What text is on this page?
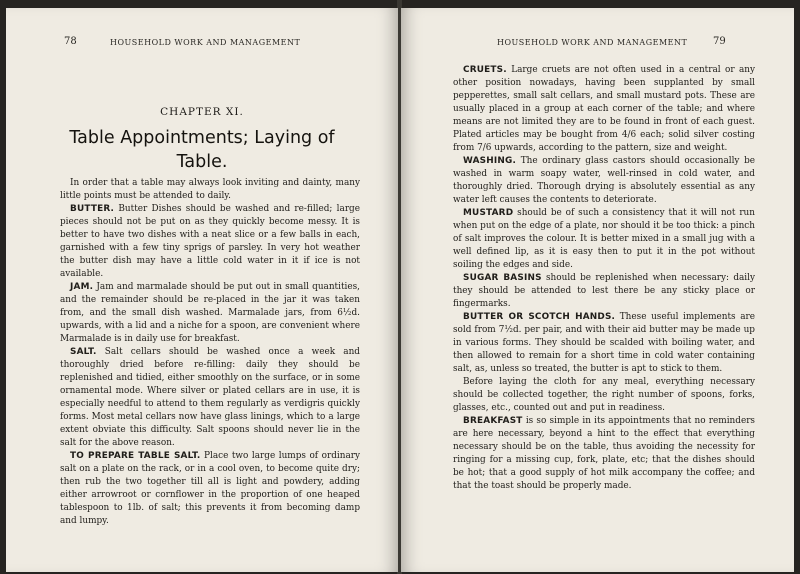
78	HOUSEHOLD WORK AND MANAGEMENT
CHAPTER XI.
Table Appointments; Laying of
Table.

In order that a table may always look inviting and dainty, many little points must be attended to daily.

BUTTER. Butter Dishes should be washed and re-filled; large pieces should not be put on as they quickly become messy. It is better to have two dishes with a neat slice or a few balls in each, garnished with a few tiny sprigs of parsley. In very hot weather the butter dish may have a little cold water in it if ice is not available.

JAM. Jam and marmalade should be put out in small quantities, and the remainder should be re-placed in the jar it was taken from, and the small dish washed. Marmalade jars, from 6½d. upwards, with a lid and a niche for a spoon, are convenient where Marmalade is in daily use for breakfast.

SALT. Salt cellars should be washed once a week and thoroughly dried before re-filling: daily they should be replenished and tidied, either smoothly on the surface, or in some ornamental mode. Where silver or plated cellars are in use, it is especially needful to attend to them regularly as verdigris quickly forms. Most metal cellars now have glass linings, which to a large extent obviate this difficulty. Salt spoons should never lie in the salt for the above reason.

TO PREPARE TABLE SALT. Place two large lumps of ordinary salt on a plate on the rack, or in a cool oven, to become quite dry; then rub the two together till all is light and powdery, adding either arrowroot or cornflower in the proportion of one heaped tablespoon to 1lb. of salt; this prevents it from becoming damp and lumpy.

HOUSEHOLD WORK AND MANAGEMENT	79

CRUETS. Large cruets are not often used in a central or any other position nowadays, having been supplanted by small pepperettes, small salt cellars, and small mustard pots. These are usually placed in a group at each corner of the table; and where means are not limited they are to be found in front of each guest. Plated articles may be bought from 4/6 each; solid silver costing from 7/6 upwards, according to the pattern, size and weight.

WASHING. The ordinary glass castors should occasionally be washed in warm soapy water, well-rinsed in cold water, and thoroughly dried. Thorough drying is absolutely essential as any water left causes the contents to deteriorate.

MUSTARD should be of such a consistency that it will not run when put on the edge of a plate, nor should it be too thick: a pinch of salt improves the colour. It is better mixed in a small jug with a well defined lip, as it is easy then to put it in the pot without soiling the edges and side.

SUGAR BASINS should be replenished when necessary: daily they should be attended to lest there be any sticky place or fingermarks.

BUTTER OR SCOTCH HANDS. These useful implements are sold from 7½d. per pair, and with their aid butter may be made up in various forms. They should be scalded with boiling water, and then allowed to remain for a short time in cold water containing salt, as, unless so treated, the butter is apt to stick to them.

Before laying the cloth for any meal, everything necessary should be collected together, the right number of spoons, forks, glasses, etc., counted out and put in readiness.

BREAKFAST is so simple in its appointments that no reminders are here necessary, beyond a hint to the effect that everything necessary should be on the table, thus avoiding the necessity for ringing for a missing cup, fork, plate, etc; that the dishes should be hot; that a good supply of hot milk accompany the coffee; and that the toast should be properly made.
